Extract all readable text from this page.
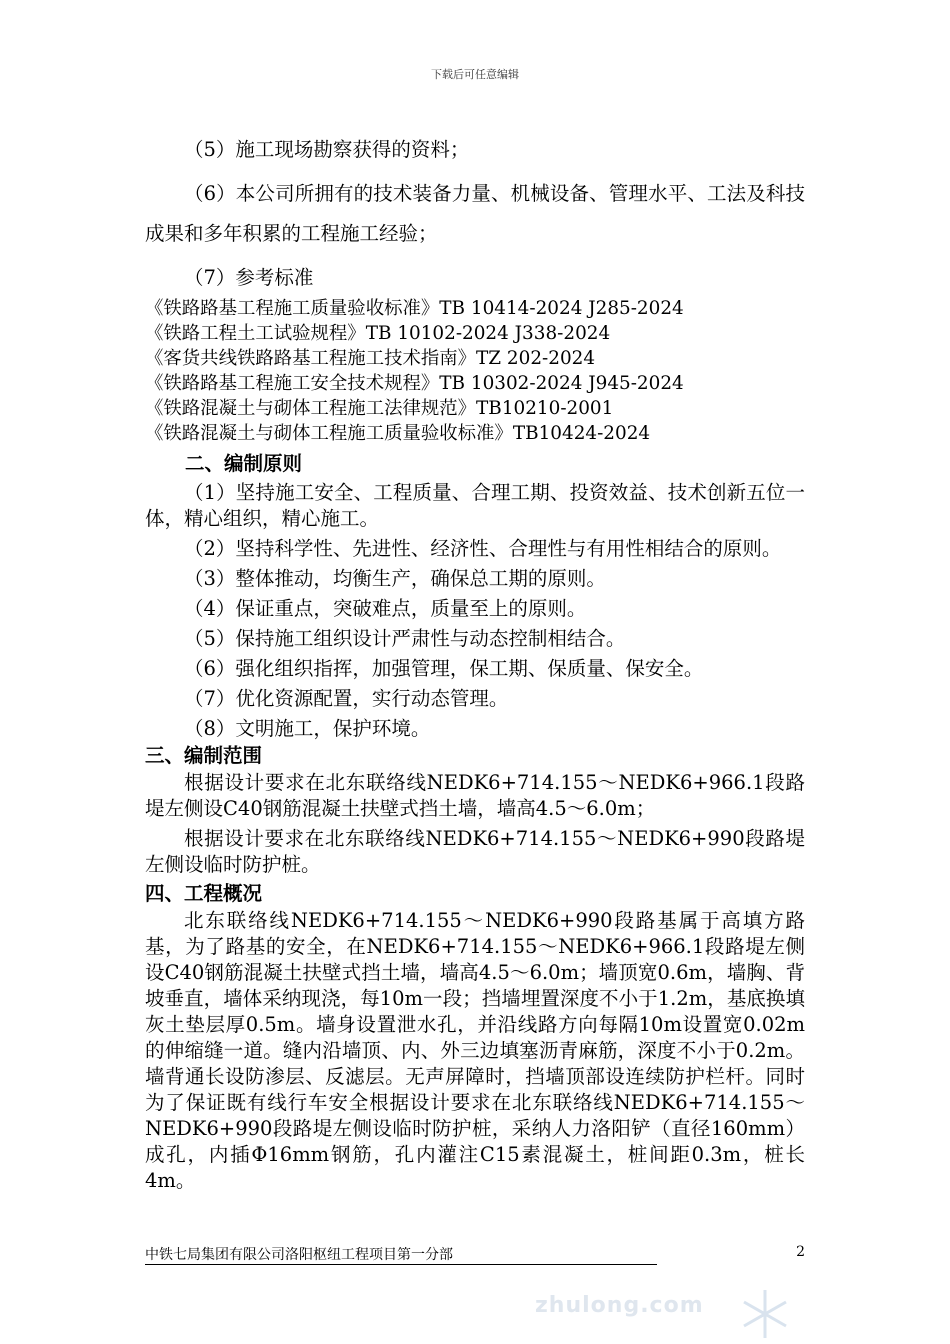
下载后可任意编辑

（5）施工现场勘察获得的资料；

（6）本公司所拥有的技术装备力量、机械设备、管理水平、工法及科技成果和多年积累的工程施工经验；

（7）参考标准

《铁路路基工程施工质量验收标准》TB 10414-2024 J285-2024

《铁路工程土工试验规程》TB 10102-2024 J338-2024

《客货共线铁路路基工程施工技术指南》TZ 202-2024

《铁路路基工程施工安全技术规程》TB 10302-2024 J945-2024

《铁路混凝土与砌体工程施工法律规范》TB10210-2001

《铁路混凝土与砌体工程施工质量验收标准》TB10424-2024

二、编制原则

（1）坚持施工安全、工程质量、合理工期、投资效益、技术创新五位一体，精心组织，精心施工。

（2）坚持科学性、先进性、经济性、合理性与有用性相结合的原则。

（3）整体推动，均衡生产，确保总工期的原则。

（4）保证重点，突破难点，质量至上的原则。

（5）保持施工组织设计严肃性与动态控制相结合。

（6）强化组织指挥，加强管理，保工期、保质量、保安全。

（7）优化资源配置，实行动态管理。

（8）文明施工，保护环境。

三、编制范围

根据设计要求在北东联络线NEDK6+714.155～NEDK6+966.1段路堤左侧设C40钢筋混凝土扶壁式挡土墙，墙高4.5～6.0m；

根据设计要求在北东联络线NEDK6+714.155～NEDK6+990段路堤左侧设临时防护桩。

四、工程概况

北东联络线NEDK6+714.155～NEDK6+990段路基属于高填方路基，为了路基的安全，在NEDK6+714.155～NEDK6+966.1段路堤左侧设C40钢筋混凝土扶壁式挡土墙，墙高4.5～6.0m；墙顶宽0.6m，墙胸、背坡垂直，墙体采纳现浇，每10m一段；挡墙埋置深度不小于1.2m，基底换填灰土垫层厚0.5m。墙身设置泄水孔，并沿线路方向每隔10m设置宽0.02m的伸缩缝一道。缝内沿墙顶、内、外三边填塞沥青麻筋，深度不小于0.2m。墙背通长设防渗层、反滤层。无声屏障时，挡墙顶部设连续防护栏杆。同时为了保证既有线行车安全根据设计要求在北东联络线NEDK6+714.155～NEDK6+990段路堤左侧设临时防护桩，采纳人力洛阳铲（直径160mm）成孔，内插Φ16mm钢筋，孔内灌注C15素混凝土，桩间距0.3m，桩长4m。

中铁七局集团有限公司洛阳枢纽工程项目第一分部	2
zhulong.com
